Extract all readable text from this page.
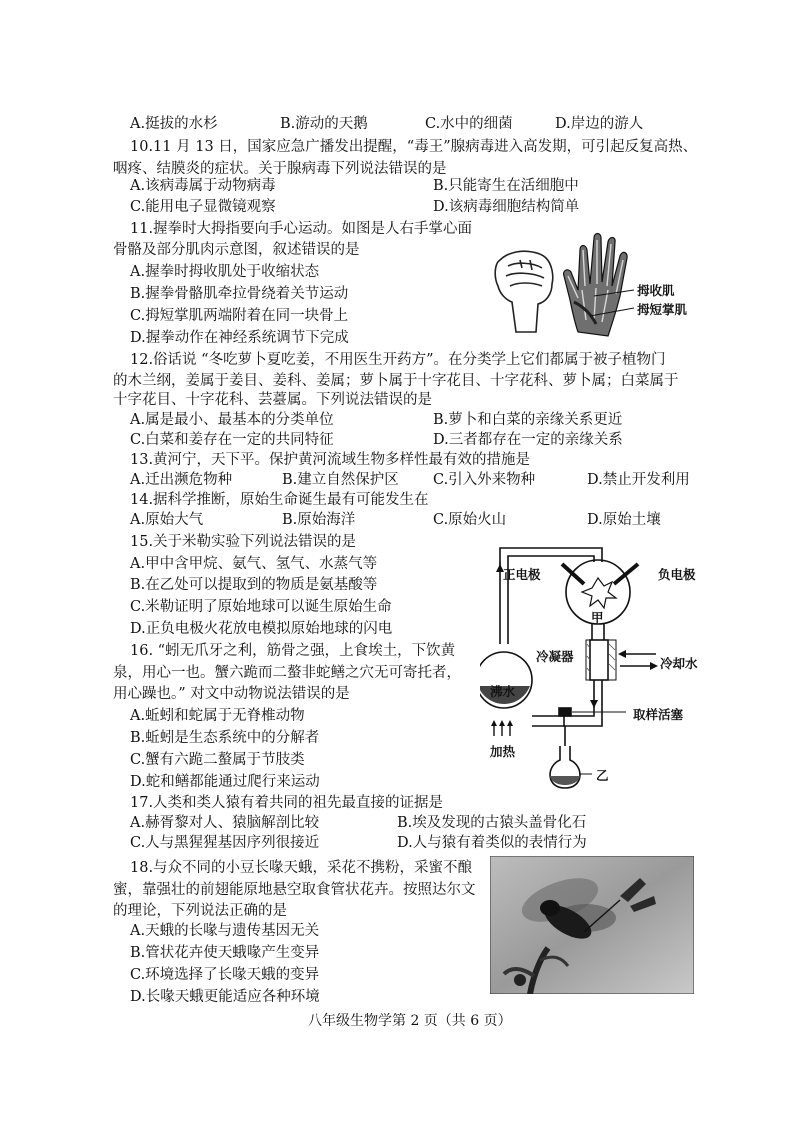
A.挺拔的水杉	B.游动的天鹅	C.水中的细菌	D.岸边的游人
10.11 月 13 日，国家应急广播发出提醒，“毒王”腺病毒进入高发期，可引起反复高热、
咽疼、结膜炎的症状。关于腺病毒下列说法错误的是
A.该病毒属于动物病毒	B.只能寄生在活细胞中
C.能用电子显微镜观察	D.该病毒细胞结构简单
11.握拳时大拇指要向手心运动。如图是人右手掌心面
骨骼及部分肌肉示意图，叙述错误的是
A.握拳时拇收肌处于收缩状态
B.握拳骨骼肌牵拉骨绕着关节运动
C.拇短掌肌两端附着在同一块骨上
D.握拳动作在神经系统调节下完成
拇收肌
拇短掌肌
12.俗话说 “冬吃萝卜夏吃姜，不用医生开药方”。在分类学上它们都属于被子植物门
的木兰纲，姜属于姜目、姜科、姜属；萝卜属于十字花目、十字花科、萝卜属；白菜属于
十字花目、十字花科、芸薹属。下列说法错误的是
A.属是最小、最基本的分类单位	B.萝卜和白菜的亲缘关系更近
C.白菜和姜存在一定的共同特征	D.三者都存在一定的亲缘关系
13.黄河宁，天下平。保护黄河流域生物多样性最有效的措施是
A.迁出濒危物种	B.建立自然保护区 C.引入外来物种	D.禁止开发利用
14.据科学推断，原始生命诞生最有可能发生在
A.原始大气	B.原始海洋	C.原始火山	D.原始土壤
15.关于米勒实验下列说法错误的是
A.甲中含甲烷、氨气、氢气、水蒸气等
B.在乙处可以提取到的物质是氨基酸等
C.米勒证明了原始地球可以诞生原始生命
D.正负电极火花放电模拟原始地球的闪电
正电极	负电极
甲
冷凝器	冷却水
沸水
取样活塞
加热
乙
16. “蚓无爪牙之利，筋骨之强，上食埃土，下饮黄
泉，用心一也。蟹六跪而二螯非蛇鳝之穴无可寄托者，
用心躁也。” 对文中动物说法错误的是
A.蚯蚓和蛇属于无脊椎动物
B.蚯蚓是生态系统中的分解者
C.蟹有六跪二螯属于节肢类
D.蛇和鳝都能通过爬行来运动
17.人类和类人猿有着共同的祖先最直接的证据是
A.赫胥黎对人、猿脑解剖比较	B.埃及发现的古猿头盖骨化石
C.人与黑猩猩基因序列很接近	D.人与猿有着类似的表情行为
18.与众不同的小豆长喙天蛾，采花不携粉，采蜜不酿
蜜，靠强壮的前翅能原地悬空取食管状花卉。按照达尔文
的理论，下列说法正确的是
A.天蛾的长喙与遗传基因无关
B.管状花卉使天蛾喙产生变异
C.环境选择了长喙天蛾的变异
D.长喙天蛾更能适应各种环境
八年级生物学第 2 页（共 6 页）
